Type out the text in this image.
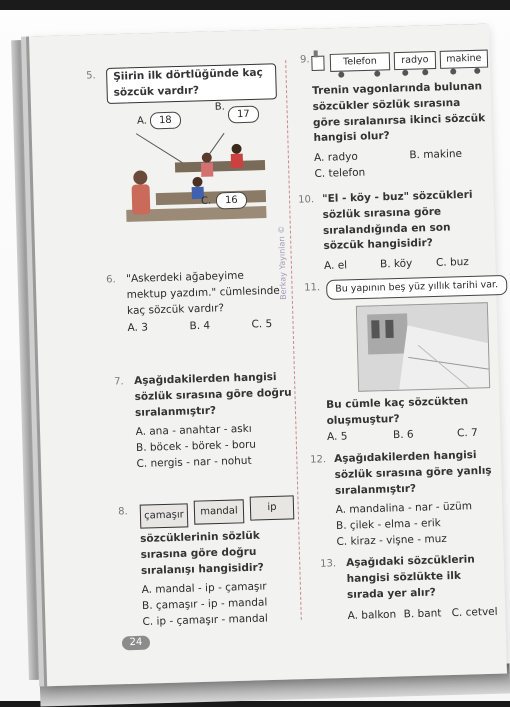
Berkay Yayınları ©
5.	Şiirin ilk dörtlüğünde kaç sözcük vardır?
A. 18
B.
17
C. 16
6. "Askerdeki ağabeyime mektup yazdım." cümlesinde kaç sözcük vardır?
A. 3	B. 4	C. 5
7. Aşağıdakilerden hangisi sözlük sırasına göre doğru sıralanmıştır?
A. ana - anahtar - askı
B. böcek - börek - boru
C. nergis - nar - nohut
8.	çamaşır	mandal	ip
sözcüklerinin sözlük sırasına göre doğru sıralanışı hangisidir?
A. mandal - ip - çamaşır
B. çamaşır - ip - mandal
C. ip - çamaşır - mandal
9.	Telefon	radyo	makine
Trenin vagonlarında bulunan sözcükler sözlük sırasına göre sıralanırsa ikinci sözcük hangisi olur?
A. radyo	B. makine
C. telefon
10. "El - köy - buz" sözcükleri sözlük sırasına göre sıralandığında en son sözcük hangisidir?
A. el	B. köy	C. buz
11. Bu yapının beş yüz yıllık tarihi var.
Bu cümle kaç sözcükten oluşmuştur?
A. 5	B. 6	C. 7
12. Aşağıdakilerden hangisi sözlük sırasına göre yanlış sıralanmıştır?
A. mandalina - nar - üzüm
B. çilek - elma - erik
C. kiraz - vişne - muz
13. Aşağıdaki sözcüklerin hangisi sözlükte ilk sırada yer alır?
A. balkon B. bant C. cetvel
24
